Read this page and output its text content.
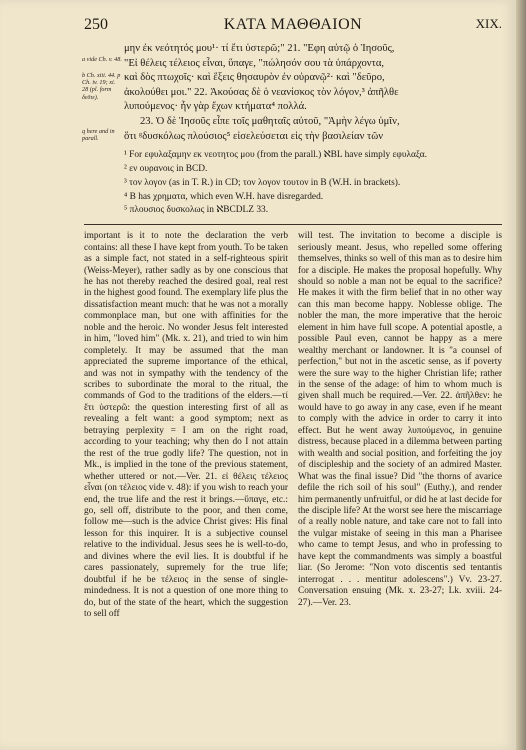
250	ΚΑΤΑ ΜΑΘΘΑΙΟΝ	XIX.
a vide Ch. v. 48.
b Ch. xiii. 44. p Ch. iv. 19; xi. 28 (pl. form δεῦτε).
q here and in parall.
μην ἐκ νεότητός μου¹· τί ἔτι ὑστερῶ;" 21. "Εφη αὐτῷ ὁ Ἰησοῦς,
"Εἰ θέλεις τέλειος εἶναι, ὕπαγε, "πώλησόν σου τὰ ὑπάρχοντα,
καὶ δὸς πτωχοῖς· καὶ ἕξεις θησαυρὸν ἐν οὐρανῷ²· καὶ "δεῦρο,
ἀκολούθει μοι." 22. Ἀκούσας δὲ ὁ νεανίσκος τὸν λόγον,³ ἀπῆλθε
λυπούμενος· ἦν γὰρ ἔχων κτήματα⁴ πολλά.
23. Ὁ δὲ Ἰησοῦς εἶπε τοῖς μαθηταῖς αὐτοῦ, "Ἀμὴν λέγω ὑμῖν,
ὅτι ᵍδυσκόλως πλούσιος⁵ εἰσελεύσεται εἰς τὴν βασιλείαν τῶν
¹ For εφυλαξαμην εκ νεοτητος μου (from the parall.) ℵBL have simply εφυλαξα.
² εν ουρανοις in BCD.
³ τον λογον (as in T. R.) in CD; τον λογον τουτον in B (W.H. in brackets).
⁴ B has χρηματα, which even W.H. have disregarded.
⁵ πλουσιος δυσκολως in ℵBCDLZ 33.

important is it to note the declaration the verb contains: all these I have kept from youth. To be taken as a simple fact, not stated in a self-righteous spirit (Weiss-Meyer), rather sadly as by one conscious that he has not thereby reached the desired goal, real rest in the highest good found. The exemplary life plus the dissatisfaction meant much: that he was not a morally commonplace man, but one with affinities for the noble and the heroic. No wonder Jesus felt interested in him, "loved him" (Mk. x. 21), and tried to win him completely. It may be assumed that the man appreciated the supreme importance of the ethical, and was not in sympathy with the tendency of the scribes to subordinate the moral to the ritual, the commands of God to the traditions of the elders.—τί ἔτι ὑστερῶ: the question interesting first of all as revealing a felt want: a good symptom; next as betraying perplexity = I am on the right road, according to your teaching; why then do I not attain the rest of the true godly life? The question, not in Mk., is implied in the tone of the previous statement, whether uttered or not.—Ver. 21. εἰ θέλεις τέλειος εἶναι (on τέλειος vide v. 48): if you wish to reach your end, the true life and the rest it brings.—ὕπαγε, etc.: go, sell off, distribute to the poor, and then come, follow me—such is the advice Christ gives: His final lesson for this inquirer. It is a subjective counsel relative to the individual. Jesus sees he is well-to-do, and divines where the evil lies. It is doubtful if he cares passionately, supremely for the true life; doubtful if he be τέλειος in the sense of single-mindedness. It is not a question of one more thing to do, but of the state of the heart, which the suggestion to sell off

will test. The invitation to become a disciple is seriously meant. Jesus, who repelled some offering themselves, thinks so well of this man as to desire him for a disciple. He makes the proposal hopefully. Why should so noble a man not be equal to the sacrifice? He makes it with the firm belief that in no other way can this man become happy. Noblesse oblige. The nobler the man, the more imperative that the heroic element in him have full scope. A potential apostle, a possible Paul even, cannot be happy as a mere wealthy merchant or landowner. It is "a counsel of perfection," but not in the ascetic sense, as if poverty were the sure way to the higher Christian life; rather in the sense of the adage: of him to whom much is given shall much be required.—Ver. 22. ἀπῆλθεν: he would have to go away in any case, even if he meant to comply with the advice in order to carry it into effect. But he went away λυπούμενος, in genuine distress, because placed in a dilemma between parting with wealth and social position, and forfeiting the joy of discipleship and the society of an admired Master. What was the final issue? Did "the thorns of avarice defile the rich soil of his soul" (Euthy.), and render him permanently unfruitful, or did he at last decide for the disciple life? At the worst see here the miscarriage of a really noble nature, and take care not to fall into the vulgar mistake of seeing in this man a Pharisee who came to tempt Jesus, and who in professing to have kept the commandments was simply a boastful liar. (So Jerome: "Non voto discentis sed tentantis interrogat . . . mentitur adolescens".) Vv. 23-27. Conversation ensuing (Mk. x. 23-27; Lk. xviii. 24-27).—Ver. 23.
